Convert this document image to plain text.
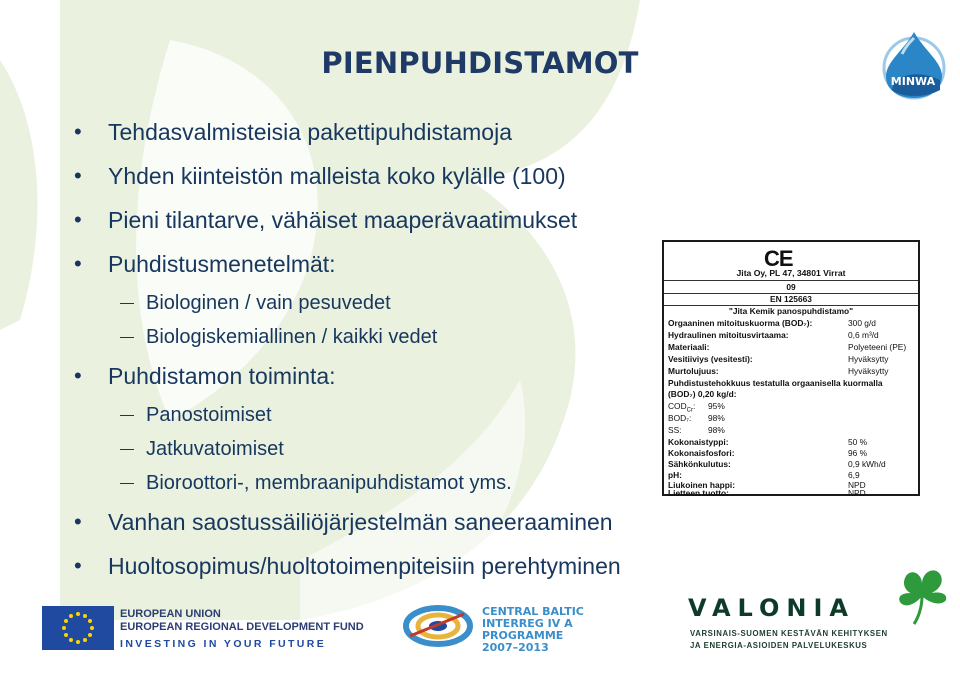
PIENPUHDISTAMOT
MINWA
• Tehdasvalmisteisia pakettipuhdistamoja
• Yhden kiinteistön malleista koko kylälle (100)
• Pieni tilantarve, vähäiset maaperävaatimukset
• Puhdistusmenetelmät:
Biologinen / vain pesuvedet
Biologiskemiallinen / kaikki vedet
• Puhdistamon toiminta:
Panostoimiset
Jatkuvatoimiset
Bioroottori-, membraanipuhdistamot yms.
• Vanhan saostussäiliöjärjestelmän saneeraaminen
• Huoltosopimus/huoltotoimenpiteisiin perehtyminen
CE
Jita Oy, PL 47, 34801 Virrat
09
EN 125663
"Jita Kemik panospuhdistamo"
Orgaaninen mitoituskuorma (BOD₇):	300 g/d
Hydraulinen mitoitusvirtaama:	0,6 m³/d
Materiaali:	Polyeteeni (PE)
Vesitiiviys (vesitesti):	Hyväksytty
Murtolujuus:	Hyväksytty
Puhdistustehokkuus testatulla orgaanisella kuormalla
(BOD₇) 0,20 kg/d:
$COD_{Cr}$: 95%
BOD₇: 98%
SS:	98%
Kokonaistyppi:	50 %
Kokonaisfosfori:	96 %
Sähkönkulutus:	0,9 kWh/d
pH:	6,9
Liukoinen happi:	NPD
Lietteen tuotto:	NPD
EUROPEAN UNION
EUROPEAN REGIONAL DEVELOPMENT FUND
INVESTING IN YOUR FUTURE
CENTRAL BALTIC
INTERREG IV A
PROGRAMME
2007–2013
VALONIA
VARSINAIS-SUOMEN KESTÄVÄN KEHITYKSEN
JA ENERGIA-ASIOIDEN PALVELUKESKUS
